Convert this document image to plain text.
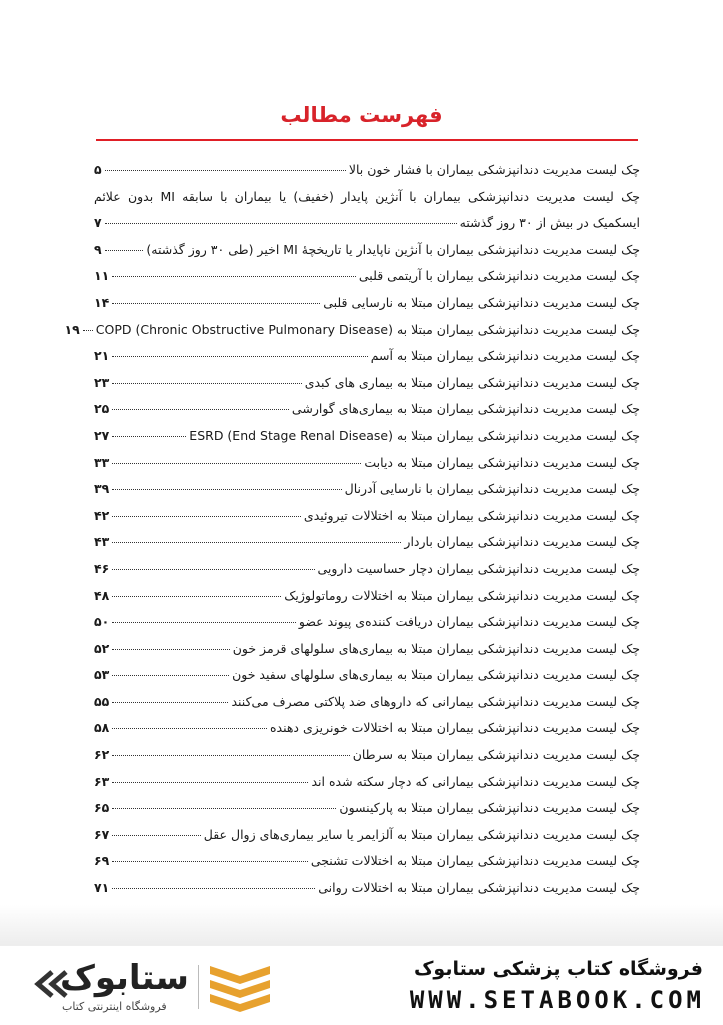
فهرست مطالب
چک لیست مدیریت دندانپزشکی بیماران با فشار خون بالا
۵
چک لیست مدیریت دندانپزشکی بیماران با آنژین پایدار (خفیف) یا بیماران با سابقه MI بدون علائم
ایسکمیک در بیش از ۳۰ روز گذشته
۷
چک لیست مدیریت دندانپزشکی بیماران با آنژین ناپایدار یا تاریخچهٔ MI اخیر (طی ۳۰ روز گذشته)
۹
چک لیست مدیریت دندانپزشکی بیماران با آریتمی قلبی
۱۱
چک لیست مدیریت دندانپزشکی بیماران مبتلا به نارسایی قلبی
۱۴
چک لیست مدیریت دندانپزشکی بیماران مبتلا به (COPD (Chronic Obstructive Pulmonary Disease
۱۹
چک لیست مدیریت دندانپزشکی بیماران مبتلا به آسم
۲۱
چک لیست مدیریت دندانپزشکی بیماران مبتلا به بیماری های کبدی
۲۳
چک لیست مدیریت دندانپزشکی بیماران مبتلا به بیماری‌های گوارشی
۲۵
چک لیست مدیریت دندانپزشکی بیماران مبتلا به (ESRD (End Stage Renal Disease
۲۷
چک لیست مدیریت دندانپزشکی بیماران مبتلا به دیابت
۳۳
چک لیست مدیریت دندانپزشکی بیماران با نارسایی آدرنال
۳۹
چک لیست مدیریت دندانپزشکی بیماران مبتلا به اختلالات تیروئیدی
۴۲
چک لیست مدیریت دندانپزشکی بیماران باردار
۴۳
چک لیست مدیریت دندانپزشکی بیماران دچار حساسیت دارویی
۴۶
چک لیست مدیریت دندانپزشکی بیماران مبتلا به اختلالات روماتولوژیک
۴۸
چک لیست مدیریت دندانپزشکی بیماران دریافت کننده‌ی پیوند عضو
۵۰
چک لیست مدیریت دندانپزشکی بیماران مبتلا به بیماری‌های سلولهای قرمز خون
۵۲
چک لیست مدیریت دندانپزشکی بیماران مبتلا به بیماری‌های سلولهای سفید خون
۵۳
چک لیست مدیریت دندانپزشکی بیمارانی که داروهای ضد پلاکتی مصرف می‌کنند
۵۵
چک لیست مدیریت دندانپزشکی بیماران مبتلا به اختلالات خونریزی دهنده
۵۸
چک لیست مدیریت دندانپزشکی بیماران مبتلا به سرطان
۶۲
چک لیست مدیریت دندانپزشکی بیمارانی که دچار سکته شده اند
۶۳
چک لیست مدیریت دندانپزشکی بیماران مبتلا به پارکینسون
۶۵
چک لیست مدیریت دندانپزشکی بیماران مبتلا به آلزایمر یا سایر بیماری‌های زوال عقل
۶۷
چک لیست مدیریت دندانپزشکی بیماران مبتلا به اختلالات تشنجی
۶۹
چک لیست مدیریت دندانپزشکی بیماران مبتلا به اختلالات روانی
۷۱
فروشگاه کتاب پزشکی ستابوک
WWW.SETABOOK.COM
ستابوک
فروشگاه اینترنتی کتاب
